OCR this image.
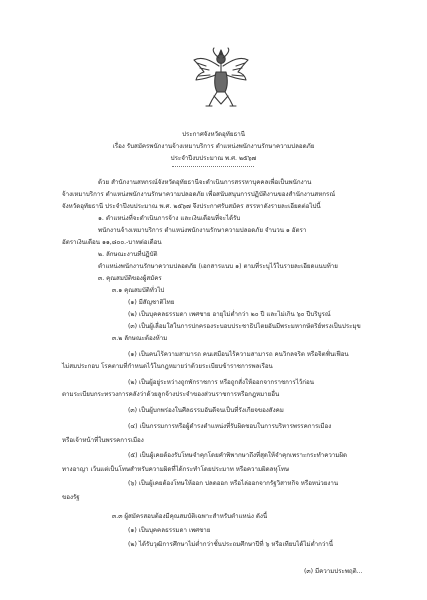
ประกาศจังหวัดอุทัยธานี
เรื่อง รับสมัครพนักงานจ้างเหมาบริการ ตำแหน่งพนักงานรักษาความปลอดภัย
ประจำปีงบประมาณ พ.ศ. ๒๕๖๗
ด้วย สำนักงานสหกรณ์จังหวัดอุทัยธานีจะดำเนินการสรรหาบุคคลเพื่อเป็นพนักงาน
จ้างเหมาบริการ ตำแหน่งพนักงานรักษาความปลอดภัย เพื่อสนับสนุนการปฏิบัติงานของสำนักงานสหกรณ์
จังหวัดอุทัยธานี ประจำปีงบประมาณ พ.ศ. ๒๕๖๗ จึงประกาศรับสมัคร สรรหาดังรายละเอียดต่อไปนี้
๑. ตำแหน่งที่จะดำเนินการจ้าง และเงินเดือนที่จะได้รับ
พนักงานจ้างเหมาบริการ ตำแหน่งพนักงานรักษาความปลอดภัย จำนวน ๑ อัตรา
อัตราเงินเดือน ๑๑,๘๐๐.-บาทต่อเดือน
๒. ลักษณะงานที่ปฏิบัติ
ตำแหน่งพนักงานรักษาความปลอดภัย (เอกสารแนบ ๑) ตามที่ระบุไว้ในรายละเอียดแนบท้าย
๓. คุณสมบัติของผู้สมัคร
๓.๑ คุณสมบัติทั่วไป
(๑) มีสัญชาติไทย
(๒) เป็นบุคคลธรรมดา เพศชาย อายุไม่ต่ำกว่า ๒๐ ปี และไม่เกิน ๖๐ ปีบริบูรณ์
(๓) เป็นผู้เลื่อมใสในการปกครองระบอบประชาธิปไตยอันมีพระมหากษัตริย์ทรงเป็นประมุข
๓.๒ ลักษณะต้องห้าม
(๑) เป็นคนไร้ความสามารถ คนเสมือนไร้ความสามารถ คนวิกลจริต หรือจิตฟั่นเฟือน
ไม่สมประกอบ โรคตามที่กำหนดไว้ในกฎหมายว่าด้วยระเบียบข้าราชการพลเรือน
(๒) เป็นผู้อยู่ระหว่างถูกพักราชการ หรือถูกสั่งให้ออกจากราชการไว้ก่อน
ตามระเบียบกระทรวงการคลังว่าด้วยลูกจ้างประจำของส่วนราชการหรือกฎหมายอื่น
(๓) เป็นผู้บกพร่องในศีลธรรมอันดีจนเป็นที่รังเกียจของสังคม
(๔) เป็นกรรมการหรือผู้ดำรงตำแหน่งที่รับผิดชอบในการบริหารพรรคการเมือง
หรือเจ้าหน้าที่ในพรรคการเมือง
(๕) เป็นผู้เคยต้องรับโทษจำคุกโดยคำพิพากษาถึงที่สุดให้จำคุกเพราะกระทำความผิด
ทางอาญา เว้นแต่เป็นโทษสำหรับความผิดที่ได้กระทำโดยประมาท หรือความผิดลหุโทษ
(๖) เป็นผู้เคยต้องโทษให้ออก ปลดออก หรือไล่ออกจากรัฐวิสาหกิจ หรือหน่วยงาน
ของรัฐ
๓.๓ ผู้สมัครสอบต้องมีคุณสมบัติเฉพาะสำหรับตำแหน่ง ดังนี้
(๑) เป็นบุคคลธรรมดา เพศชาย
(๒) ได้รับวุฒิการศึกษาไม่ต่ำกว่าชั้นประถมศึกษาปีที่ ๖ หรือเทียบได้ไม่ต่ำกว่านี้
(๓) มีความประพฤติ...
